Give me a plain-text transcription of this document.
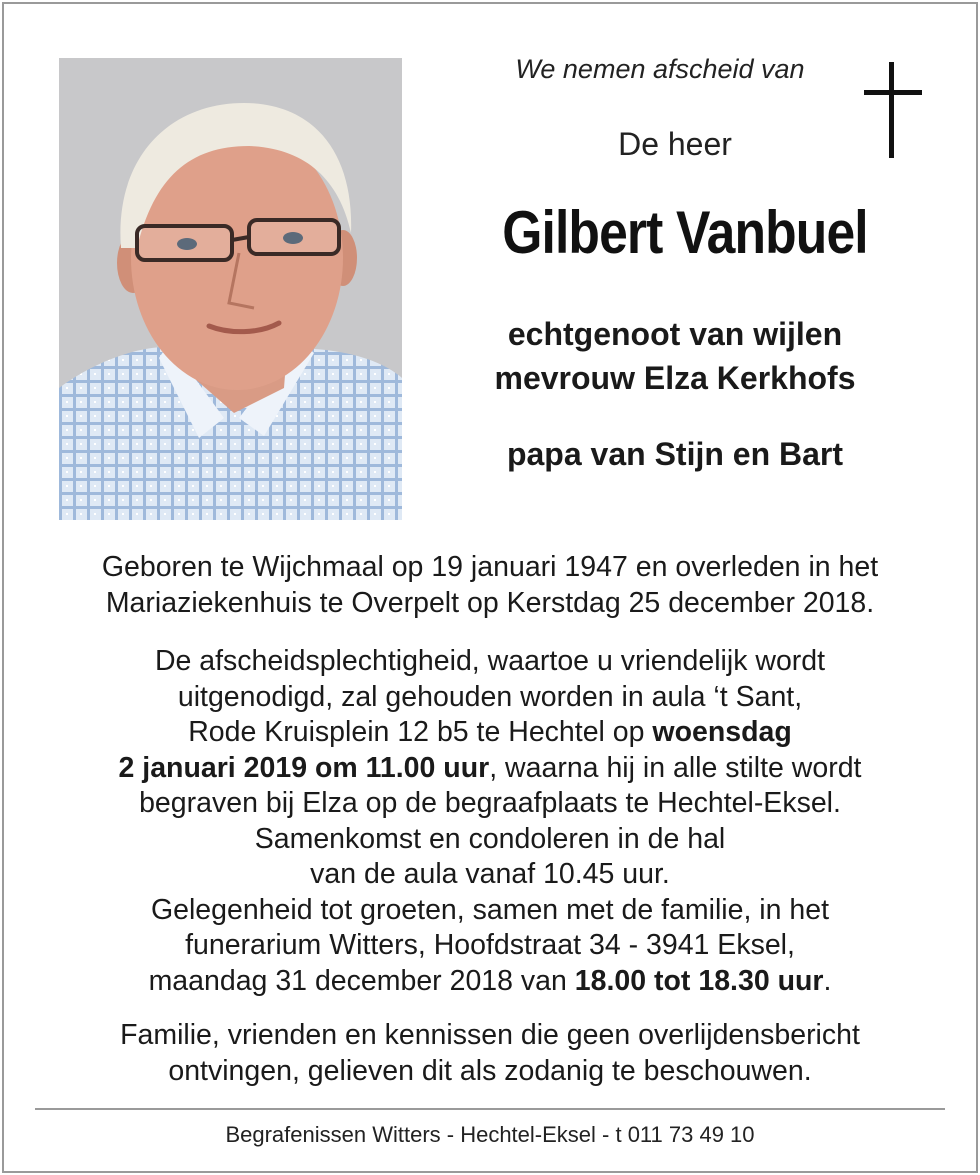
We nemen afscheid van
De heer
Gilbert Vanbuel
echtgenoot van wijlen
mevrouw Elza Kerkhofs
papa van Stijn en Bart
Geboren te Wijchmaal op 19 januari 1947 en overleden in het
Mariaziekenhuis te Overpelt op Kerstdag 25 december 2018.
De afscheidsplechtigheid, waartoe u vriendelijk wordt
uitgenodigd, zal gehouden worden in aula ‘t Sant,
Rode Kruisplein 12 b5 te Hechtel op woensdag
2 januari 2019 om 11.00 uur, waarna hij in alle stilte wordt
begraven bij Elza op de begraafplaats te Hechtel-Eksel.
Samenkomst en condoleren in de hal
van de aula vanaf 10.45 uur.
Gelegenheid tot groeten, samen met de familie, in het
funerarium Witters, Hoofdstraat 34 - 3941 Eksel,
maandag 31 december 2018 van 18.00 tot 18.30 uur.
Familie, vrienden en kennissen die geen overlijdensbericht
ontvingen, gelieven dit als zodanig te beschouwen.
Begrafenissen Witters - Hechtel-Eksel - t 011 73 49 10
